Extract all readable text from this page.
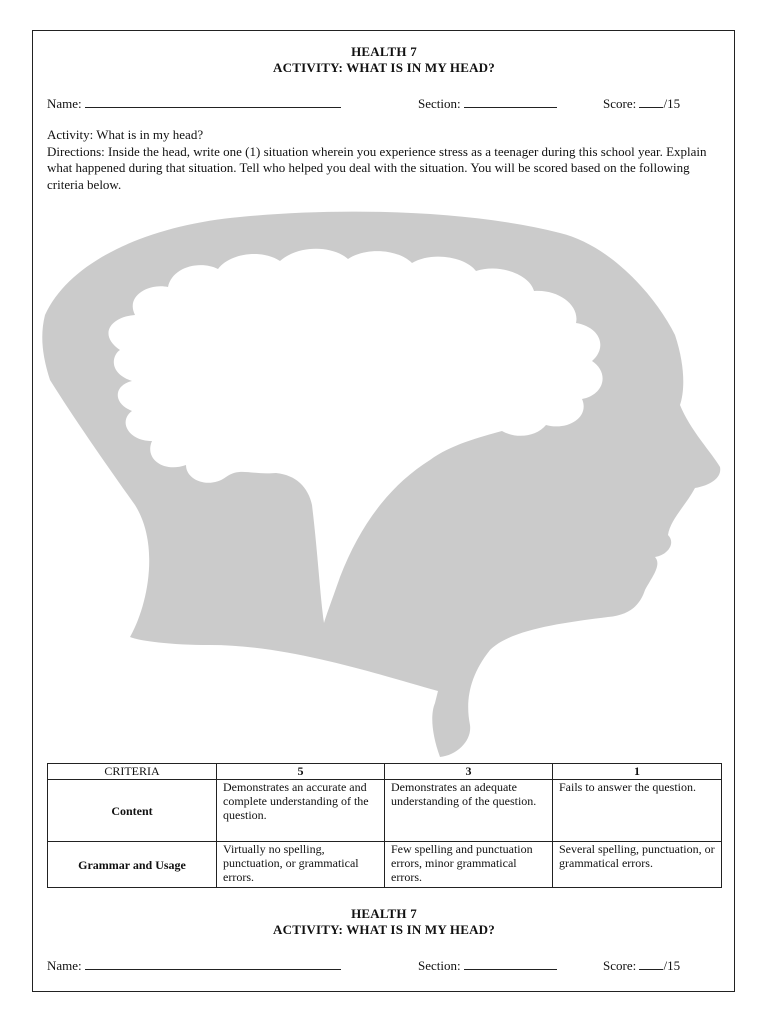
HEALTH 7
ACTIVITY: WHAT IS IN MY HEAD?
Name:	Section:	Score: /15
Activity: What is in my head?
Directions: Inside the head, write one (1) situation wherein you experience stress as a teenager during this school year. Explain what happened during that situation. Tell who helped you deal with the situation. You will be scored based on the following criteria below.
CRITERIA	5	3	1
Content	Demonstrates an accurate and complete understanding of the question.	Demonstrates an adequate understanding of the question.	Fails to answer the question.
Grammar and Usage	Virtually no spelling, punctuation, or grammatical errors.	Few spelling and punctuation errors, minor grammatical errors.	Several spelling, punctuation, or grammatical errors.
HEALTH 7
ACTIVITY: WHAT IS IN MY HEAD?
Name:	Section:	Score: /15
